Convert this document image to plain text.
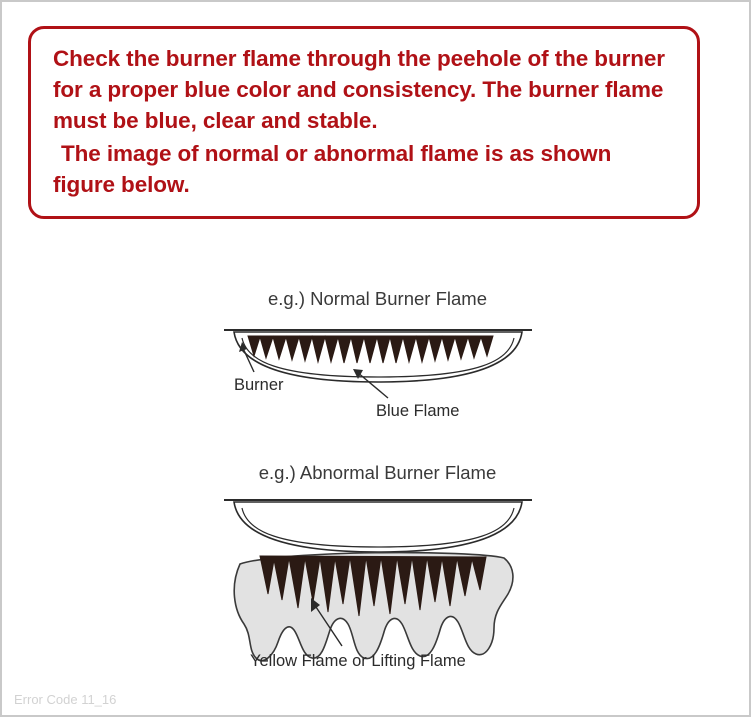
Check the burner flame through the peehole of the burner for a proper blue color and consistency. The burner flame must be blue, clear and stable.

The image of normal or abnormal flame is as shown figure below.

e.g.) Normal Burner Flame
e.g.) Abnormal Burner Flame
Burner
Blue Flame
Yellow Flame or Lifting Flame
Error Code 11_16
